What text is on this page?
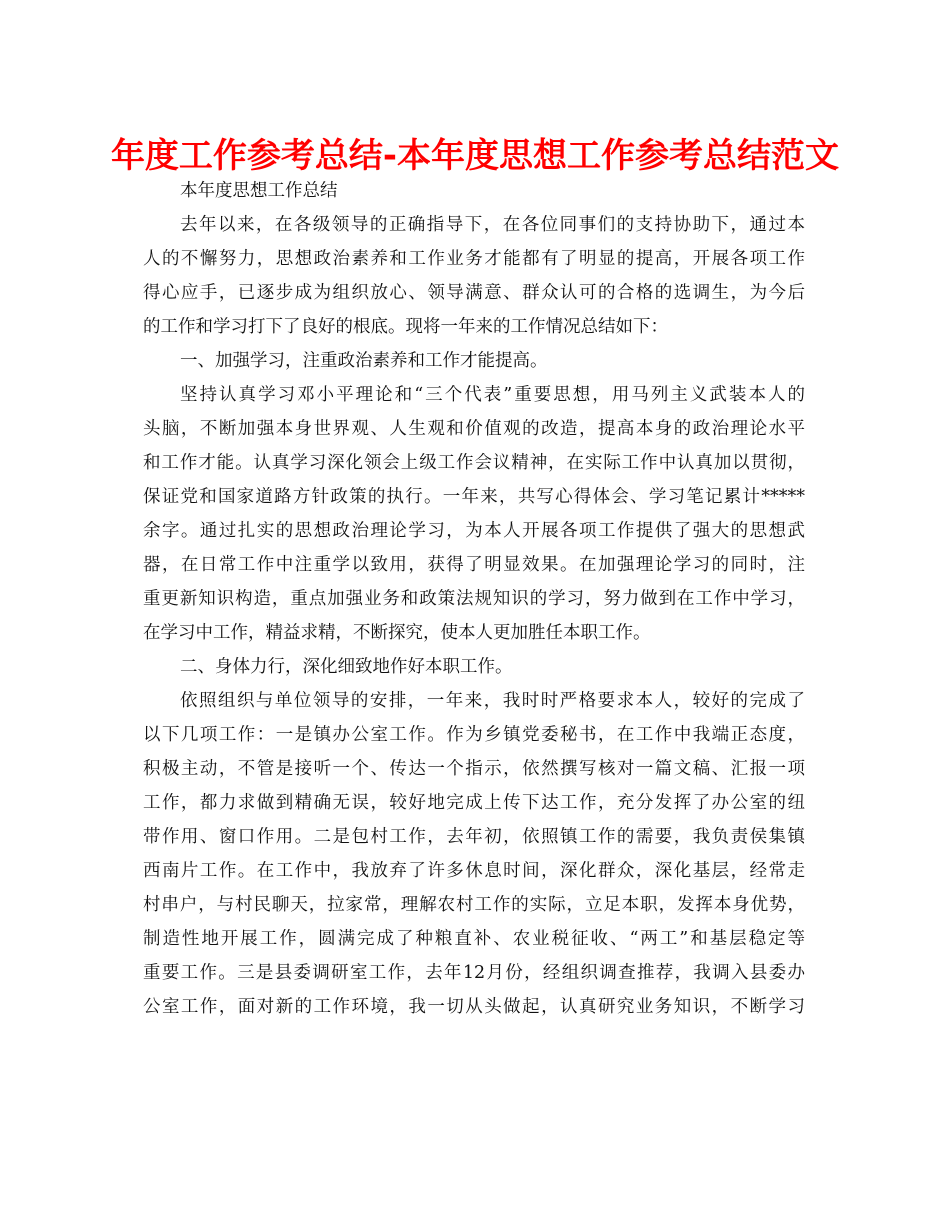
年度工作参考总结-本年度思想工作参考总结范文
本年度思想工作总结
去年以来，在各级领导的正确指导下，在各位同事们的支持协助下，通过本
人的不懈努力，思想政治素养和工作业务才能都有了明显的提高，开展各项工作
得心应手，已逐步成为组织放心、领导满意、群众认可的合格的选调生，为今后
的工作和学习打下了良好的根底。现将一年来的工作情况总结如下：
一、加强学习，注重政治素养和工作才能提高。
坚持认真学习邓小平理论和“三个代表”重要思想，用马列主义武装本人的
头脑，不断加强本身世界观、人生观和价值观的改造，提高本身的政治理论水平
和工作才能。认真学习深化领会上级工作会议精神，在实际工作中认真加以贯彻，
保证党和国家道路方针政策的执行。一年来，共写心得体会、学习笔记累计*****
余字。通过扎实的思想政治理论学习，为本人开展各项工作提供了强大的思想武
器，在日常工作中注重学以致用，获得了明显效果。在加强理论学习的同时，注
重更新知识构造，重点加强业务和政策法规知识的学习，努力做到在工作中学习，
在学习中工作，精益求精，不断探究，使本人更加胜任本职工作。
二、身体力行，深化细致地作好本职工作。
依照组织与单位领导的安排，一年来，我时时严格要求本人，较好的完成了
以下几项工作：一是镇办公室工作。作为乡镇党委秘书，在工作中我端正态度，
积极主动，不管是接听一个、传达一个指示，依然撰写核对一篇文稿、汇报一项
工作，都力求做到精确无误，较好地完成上传下达工作，充分发挥了办公室的纽
带作用、窗口作用。二是包村工作，去年初，依照镇工作的需要，我负责侯集镇
西南片工作。在工作中，我放弃了许多休息时间，深化群众，深化基层，经常走
村串户，与村民聊天，拉家常，理解农村工作的实际，立足本职，发挥本身优势，
制造性地开展工作，圆满完成了种粮直补、农业税征收、“两工”和基层稳定等
重要工作。三是县委调研室工作，去年12月份，经组织调查推荐，我调入县委办
公室工作，面对新的工作环境，我一切从头做起，认真研究业务知识，不断学习
